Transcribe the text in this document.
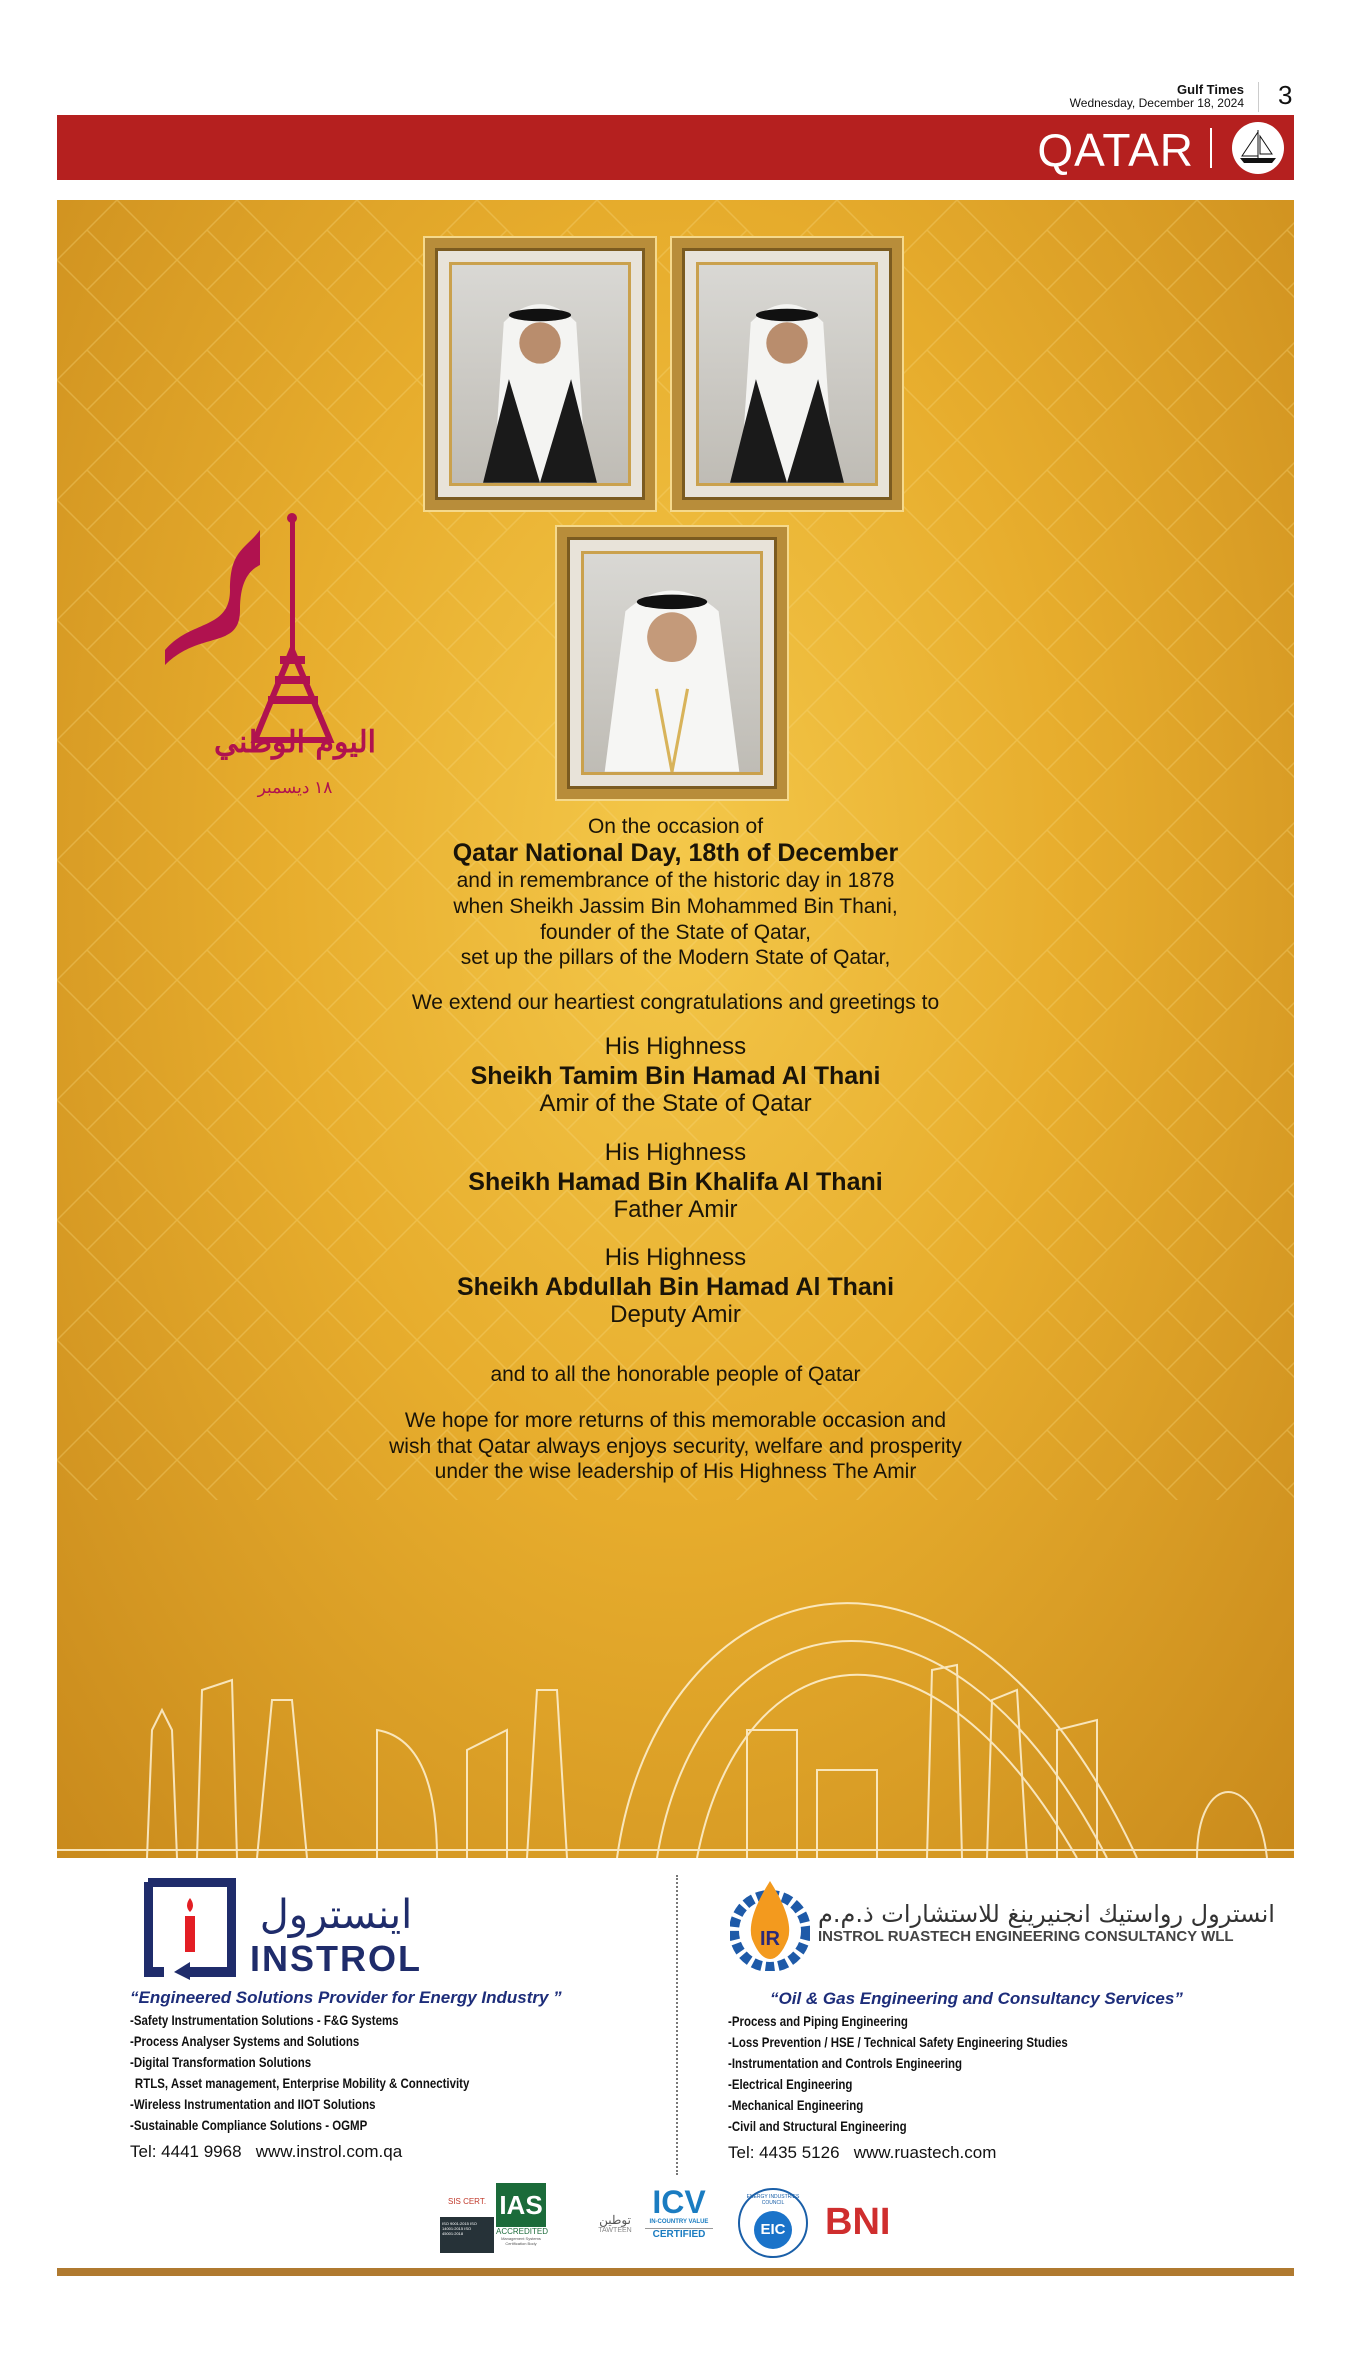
Gulf Times
Wednesday, December 18, 2024 3
QATAR
اليوم الوطني
١٨ ديسمبر
On the occasion of
Qatar National Day, 18th of December
and in remembrance of the historic day in 1878
when Sheikh Jassim Bin Mohammed Bin Thani,
founder of the State of Qatar,
set up the pillars of the Modern State of Qatar,
We extend our heartiest congratulations and greetings to
His Highness
Sheikh Tamim Bin Hamad Al Thani
Amir of the State of Qatar
His Highness
Sheikh Hamad Bin Khalifa Al Thani
Father Amir
His Highness
Sheikh Abdullah Bin Hamad Al Thani
Deputy Amir
and to all the honorable people of Qatar
We hope for more returns of this memorable occasion and
wish that Qatar always enjoys security, welfare and prosperity
under the wise leadership of His Highness The Amir
اينسترول
INSTROL
“Engineered Solutions Provider for Energy Industry ”
-Safety Instrumentation Solutions - F&G Systems
-Process Analyser Systems and Solutions
-Digital Transformation Solutions
RTLS, Asset management, Enterprise Mobility & Connectivity
-Wireless Instrumentation and IIOT Solutions
-Sustainable Compliance Solutions - OGMP
Tel: 4441 9968 www.instrol.com.qa
IR
انسترول رواستيك انجنيرينغ للاستشارات ذ.م.م
INSTROL RUASTECH ENGINEERING CONSULTANCY WLL
“Oil & Gas Engineering and Consultancy Services”
-Process and Piping Engineering
-Loss Prevention / HSE / Technical Safety Engineering Studies
-Instrumentation and Controls Engineering
-Electrical Engineering
-Mechanical Engineering
-Civil and Structural Engineering
Tel: 4435 5126 www.ruastech.com
SIS CERT.
ISO 9001:2015 ISO 14001:2015 ISO 45001:2018
IAS
ACCREDITED
Management Systems Certification Body
توطين
TAWTEEN
ICV
IN-COUNTRY VALUE
CERTIFIED
ENERGY INDUSTRIES COUNCIL
EIC BNI
